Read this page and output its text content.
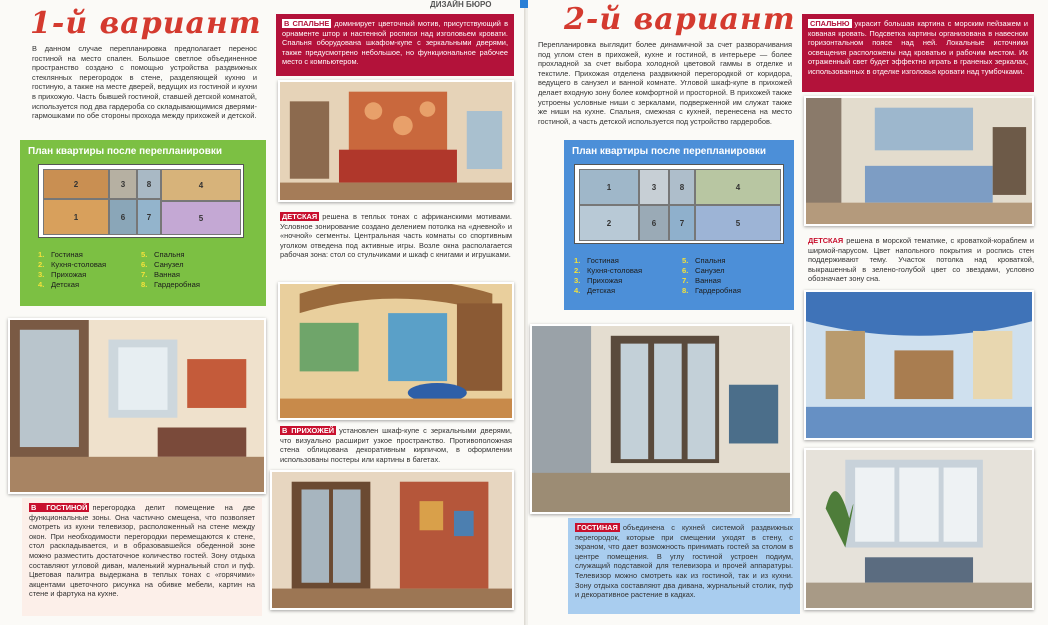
1-й вариант
В данном случае перепланировка предполагает перенос гостиной на место спален. Большое светлое объединенное пространство создано с помощью устройства раздвижных стеклянных перегородок в стене, разделяющей кухню и гостиную, а также на месте дверей, ведущих из гостиной и кухни в прихожую. Часть бывшей гостиной, ставшей детской комнатой, используется под два гардероба со складывающимися дверями-гармошками по обе стороны прохода между прихожей и детской.
План квартиры после перепланировки
2
1
3
6
8
7
4
5
1. Гостиная	5. Спальня
2. Кухня-столовая	6. Санузел
3. Прихожая	7. Ванная
4. Детская	8. Гардеробная
ДИЗАЙН БЮРО
В СПАЛЬНЕ доминирует цветочный мотив, присутствующий в орнаменте штор и настенной росписи над изголовьем кровати. Спальня оборудована шкафом-купе с зеркальными дверями, также предусмотрено небольшое, но функциональное рабочее место с компьютером.
ДЕТСКАЯ решена в теплых тонах с африканскими мотивами. Условное зонирование создано делением потолка на «дневной» и «ночной» сегменты. Центральная часть комнаты со спортивным уголком отведена под активные игры. Возле окна располагается рабочая зона: стол со стульчиками и шкаф с книгами и игрушками.
В ПРИХОЖЕЙ установлен шкаф-купе с зеркальными дверями, что визуально расширит узкое пространство. Противоположная стена облицована декоративным кирпичом, в оформлении использованы постеры или картины в багетах.
В ГОСТИНОЙ перегородка делит помещение на две функциональные зоны. Она частично смещена, что позволяет смотреть из кухни телевизор, расположенный на стене между окон. При необходимости перегородки перемещаются к стене, стол раскладывается, и в образовавшейся обеденной зоне можно разместить достаточное количество гостей. Зону отдыха составляют угловой диван, маленький журнальный стол и пуф. Цветовая палитра выдержана в теплых тонах с «горячими» акцентами цветочного рисунка на обивке мебели, картин на стене и фартука на кухне.
2-й вариант
Перепланировка выглядит более динамичной за счет разворачивания под углом стен в прихожей, кухне и гостиной, в интерьере — более прохладной за счет выбора холодной цветовой гаммы в отделке и текстиле. Прихожая отделена раздвижной перегородкой от коридора, ведущего в санузел и ванной комнате. Угловой шкаф-купе в прихожей делает входную зону более комфортной и просторной. В прихожей также устроены условные ниши с зеркалами, подверженной им служат также же ниши на кухне. Спальня, смежная с кухней, перенесена на место гостиной, а часть детской используется под устройство гардеробов.
План квартиры после перепланировки
1
2
3
6
8
7
4
5
1. Гостиная	5. Спальня
2. Кухня-столовая	6. Санузел
3. Прихожая	7. Ванная
4. Детская	8. Гардеробная
СПАЛЬНЮ украсит большая картина с морским пейзажем и кованая кровать. Подсветка картины организована в навесном горизонтальном поясе над ней. Локальные источники освещения расположены над кроватью и рабочим местом. Их отраженный свет будет эффектно играть в граненых зеркалах, использованных в отделке изголовья кровати над тумбочками.
ДЕТСКАЯ решена в морской тематике, с кроваткой-кораблем и ширмой-парусом. Цвет напольного покрытия и роспись стен поддерживают тему. Участок потолка над кроваткой, выкрашенный в зелено-голубой цвет со звездами, условно обозначает зону сна.
ГОСТИНАЯ объединена с кухней системой раздвижных перегородок, которые при смещении уходят в стену, с экраном, что дает возможность принимать гостей за столом в центре помещения. В углу гостиной устроен подиум, служащий подставкой для телевизора и прочей аппаратуры. Телевизор можно смотреть как из гостиной, так и из кухни. Зону отдыха составляют два дивана, журнальный столик, пуф и декоративное растение в кадках.
